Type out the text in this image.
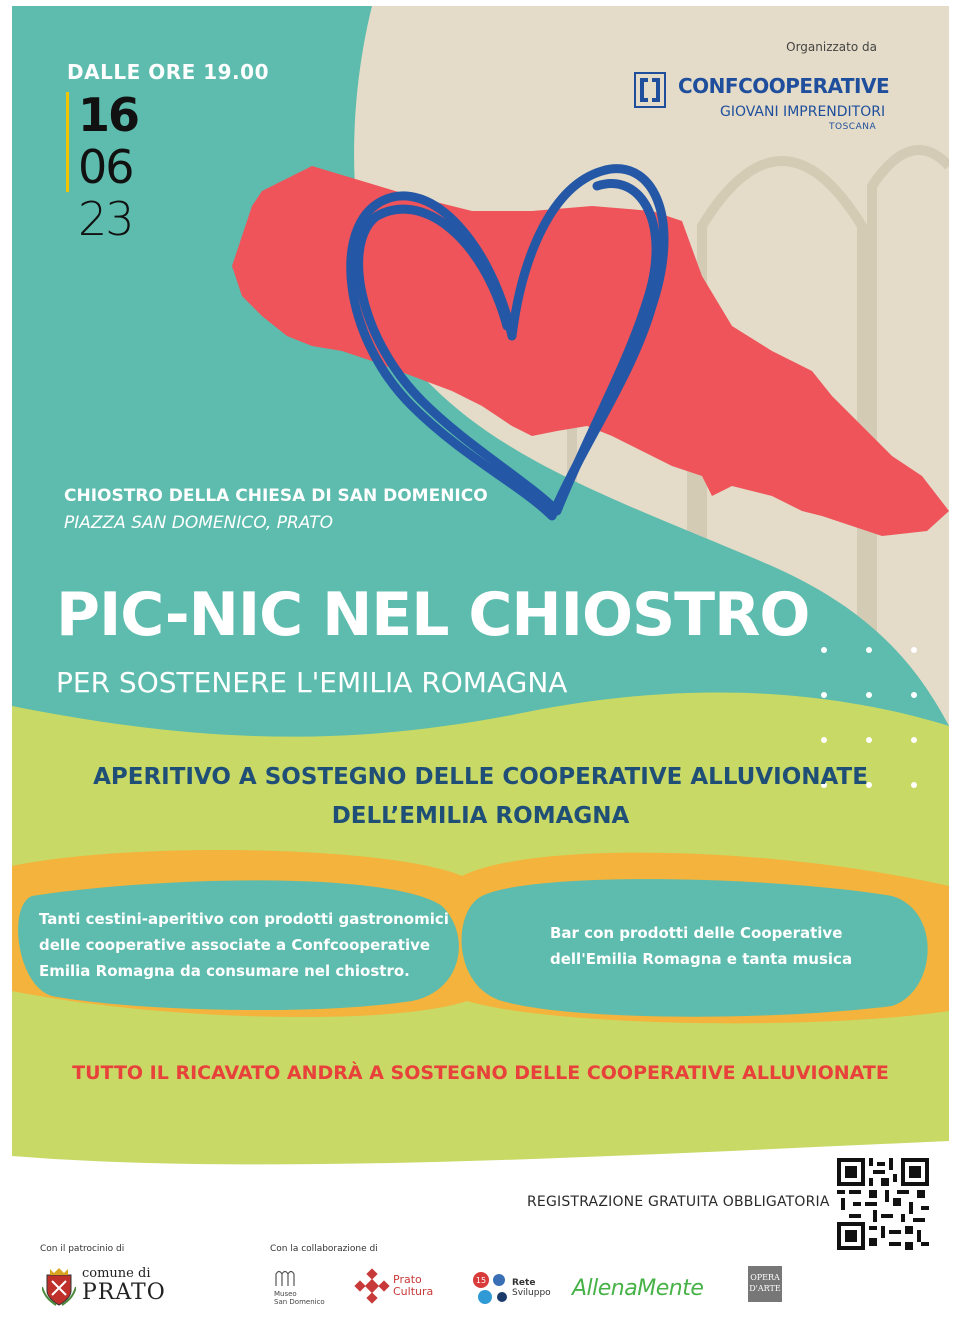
DALLE ORE 19.00
16
06
23
Organizzato da
CONFCOOPERATIVE
GIOVANI IMPRENDITORI
TOSCANA
CHIOSTRO DELLA CHIESA DI SAN DOMENICO
PIAZZA SAN DOMENICO, PRATO
PIC-NIC NEL CHIOSTRO
PER SOSTENERE L'EMILIA ROMAGNA
APERITIVO A SOSTEGNO DELLE COOPERATIVE ALLUVIONATE
DELL’EMILIA ROMAGNA
Tanti cestini-aperitivo con prodotti gastronomici
delle cooperative associate a Confcooperative
Emilia Romagna da consumare nel chiostro.
Bar con prodotti delle Cooperative
dell'Emilia Romagna e tanta musica
TUTTO IL RICAVATO ANDRÀ A SOSTEGNO DELLE COOPERATIVE ALLUVIONATE
REGISTRAZIONE GRATUITA OBBLIGATORIA
Con il patrocinio di	Con la collaborazione di
comune di
PRATO	Museo
San Domenico
Prato
Cultura
15	Rete
Sviluppo AllenaMente	OPERA
D'ARTE
